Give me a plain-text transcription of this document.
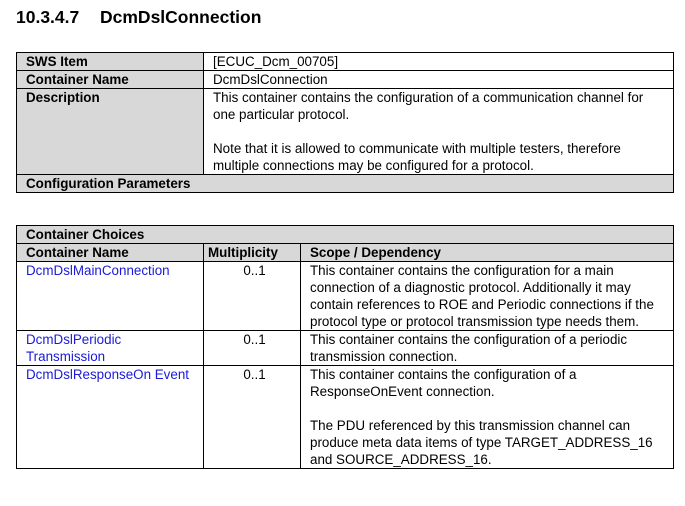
10.3.4.7 DcmDslConnection
SWS Item	[ECUC_Dcm_00705]
Container Name	DcmDslConnection
Description	This container contains the configuration of a communication channel for one particular protocol.

Note that it is allowed to communicate with multiple testers, therefore multiple connections may be configured for a protocol.

Configuration Parameters	
Container Choices		
Container Name	Multiplicity	Scope / Dependency
DcmDslMainConnection	0..1	This container contains the configuration for a main connection of a diagnostic protocol. Additionally it may contain references to ROE and Periodic connections if the protocol type or protocol transmission type needs them.

DcmDslPeriodic Transmission	0..1	This container contains the configuration of a periodic transmission connection.

DcmDslResponseOn Event	0..1	This container contains the configuration of a ResponseOnEvent connection.

The PDU referenced by this transmission channel can produce meta data items of type TARGET_ADDRESS_16 and SOURCE_ADDRESS_16.
